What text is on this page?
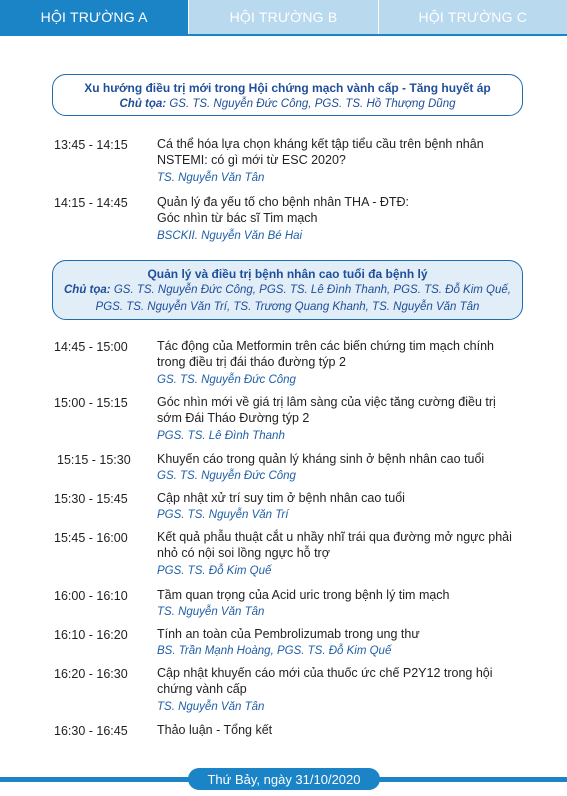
HỘI TRƯỜNG A	HỘI TRƯỜNG B	HỘI TRƯỜNG C
Xu hướng điều trị mới trong Hội chứng mạch vành cấp - Tăng huyết áp
Chủ tọa: GS. TS. Nguyễn Đức Công, PGS. TS. Hồ Thượng Dũng
13:45 - 14:15 Cá thể hóa lựa chọn kháng kết tập tiểu cầu trên bệnh nhân
NSTEMI: có gì mới từ ESC 2020?
TS. Nguyễn Văn Tân
14:15 - 14:45 Quản lý đa yếu tố cho bệnh nhân THA - ĐTĐ:
Góc nhìn từ bác sĩ Tim mạch
BSCKII. Nguyễn Văn Bé Hai
Quản lý và điều trị bệnh nhân cao tuổi đa bệnh lý
Chủ tọa: GS. TS. Nguyễn Đức Công, PGS. TS. Lê Đình Thanh, PGS. TS. Đỗ Kim Quế,
PGS. TS. Nguyễn Văn Trí, TS. Trương Quang Khanh, TS. Nguyễn Văn Tân
14:45 - 15:00 Tác động của Metformin trên các biến chứng tim mạch chính
trong điều trị đái tháo đường týp 2
GS. TS. Nguyễn Đức Công
15:00 - 15:15 Góc nhìn mới về giá trị lâm sàng của việc tăng cường điều trị
sớm Đái Tháo Đường týp 2
PGS. TS. Lê Đình Thanh
15:15 - 15:30 Khuyến cáo trong quản lý kháng sinh ở bệnh nhân cao tuổi
GS. TS. Nguyễn Đức Công
15:30 - 15:45 Cập nhật xử trí suy tim ở bệnh nhân cao tuổi
PGS. TS. Nguyễn Văn Trí
15:45 - 16:00 Kết quả phẫu thuật cắt u nhầy nhĩ trái qua đường mở ngực phải
nhỏ có nội soi lồng ngực hỗ trợ
PGS. TS. Đỗ Kim Quế
16:00 - 16:10 Tầm quan trọng của Acid uric trong bệnh lý tim mạch
TS. Nguyễn Văn Tân
16:10 - 16:20 Tính an toàn của Pembrolizumab trong ung thư
BS. Trần Mạnh Hoàng, PGS. TS. Đỗ Kim Quế
16:20 - 16:30 Cập nhật khuyến cáo mới của thuốc ức chế P2Y12 trong hội
chứng vành cấp
TS. Nguyễn Văn Tân
16:30 - 16:45 Thảo luận - Tổng kết
Thứ Bảy, ngày 31/10/2020
